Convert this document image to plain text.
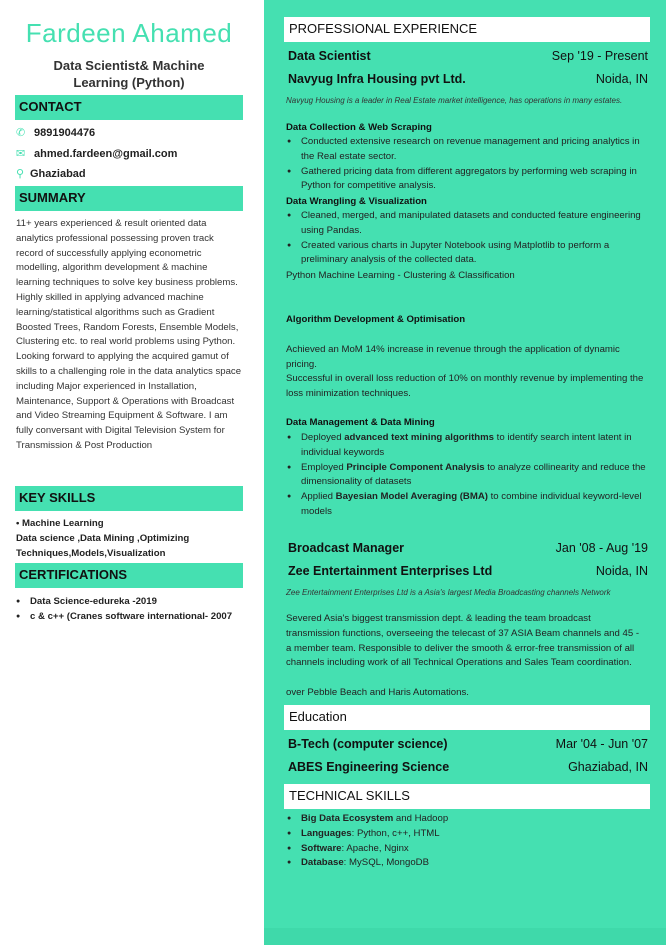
Fardeen Ahamed
Data Scientist& Machine
Learning (Python)
CONTACT
✆ 9891904476
✉ ahmed.fardeen@gmail.com
⚲ Ghaziabad
SUMMARY
11+ years experienced & result oriented data analytics professional possessing proven track record of successfully applying econometric modelling, algorithm development & machine learning techniques to solve key business problems. Highly skilled in applying advanced machine learning/statistical algorithms such as Gradient Boosted Trees, Random Forests, Ensemble Models, Clustering etc. to real world problems using Python. Looking forward to applying the acquired gamut of skills to a challenging role in the data analytics space including Major experienced in Installation, Maintenance, Support & Operations with Broadcast and Video Streaming Equipment & Software. I am fully conversant with Digital Television System for Transmission & Post Production
KEY SKILLS
• Machine Learning
Data science ,Data Mining ,Optimizing Techniques,Models,Visualization
CERTIFICATIONS
● Data Science-edureka -2019
● c & c++ (Cranes software international- 2007
PROFESSIONAL EXPERIENCE
Data Scientist	Sep '19 - Present
Navyug Infra Housing pvt Ltd.	Noida, IN
Navyug Housing is a leader in Real Estate market intelligence, has operations in many estates.
Data Collection & Web Scraping
● Conducted extensive research on revenue management and pricing analytics in the Real estate sector.
● Gathered pricing data from different aggregators by performing web scraping in Python for competitive analysis.
Data Wrangling & Visualization
● Cleaned, merged, and manipulated datasets and conducted feature engineering using Pandas.
● Created various charts in Jupyter Notebook using Matplotlib to perform a preliminary analysis of the collected data.
Python Machine Learning - Clustering & Classification
Algorithm Development & Optimisation
Achieved an MoM 14% increase in revenue through the application of dynamic pricing.
Successful in overall loss reduction of 10% on monthly revenue by implementing the loss minimization techniques.
Data Management & Data Mining
● Deployed advanced text mining algorithms to identify search intent latent in individual keywords
● Employed Principle Component Analysis to analyze collinearity and reduce the dimensionality of datasets
● Applied Bayesian Model Averaging (BMA) to combine individual keyword-level models
Broadcast Manager	Jan '08 - Aug '19
Zee Entertainment Enterprises Ltd	Noida, IN
Zee Entertainment Enterprises Ltd is a Asia's largest Media Broadcasting channels Network
Severed Asia's biggest transmission dept. & leading the team broadcast transmission functions, overseeing the telecast of 37 ASIA Beam channels and 45 - a member team. Responsible to deliver the smooth & error-free transmission of all channels including work of all Technical Operations and Sales Team coordination.
over Pebble Beach and Haris Automations.
Education
B-Tech (computer science)	Mar '04 - Jun '07
ABES Engineering Science	Ghaziabad, IN
TECHNICAL SKILLS
● Big Data Ecosystem and Hadoop
● Languages: Python, c++, HTML
● Software: Apache, Nginx
● Database: MySQL, MongoDB
